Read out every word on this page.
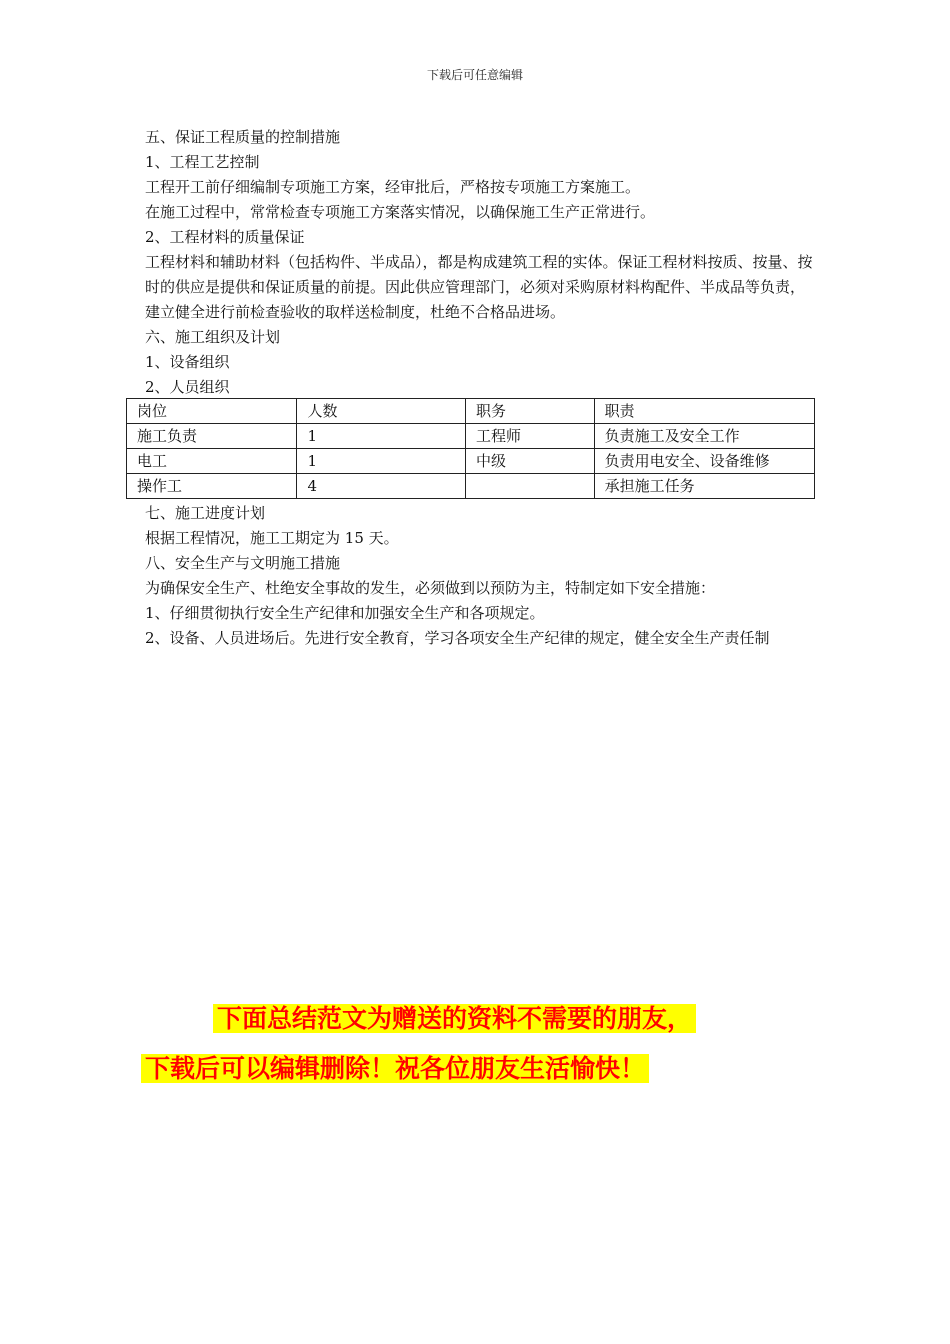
下载后可任意编辑
五、保证工程质量的控制措施
1、工程工艺控制
工程开工前仔细编制专项施工方案，经审批后，严格按专项施工方案施工。
在施工过程中，常常检查专项施工方案落实情况，以确保施工生产正常进行。
2、工程材料的质量保证
工程材料和辅助材料（包括构件、半成品），都是构成建筑工程的实体。保证工程材料按质、按量、按时的供应是提供和保证质量的前提。因此供应管理部门，必须对采购原材料构配件、半成品等负责，建立健全进行前检查验收的取样送检制度，杜绝不合格品进场。
六、施工组织及计划
1、设备组织
2、人员组织
岗位	人数	职务	职责
施工负责	1	工程师	负责施工及安全工作
电工	1	中级	负责用电安全、设备维修
操作工	4		承担施工任务
七、施工进度计划
根据工程情况，施工工期定为 15 天。
八、安全生产与文明施工措施
为确保安全生产、杜绝安全事故的发生，必须做到以预防为主，特制定如下安全措施：
1、仔细贯彻执行安全生产纪律和加强安全生产和各项规定。
2、设备、人员进场后。先进行安全教育，学习各项安全生产纪律的规定，健全安全生产责任制
下面总结范文为赠送的资料不需要的朋友，
下载后可以编辑删除！祝各位朋友生活愉快！
